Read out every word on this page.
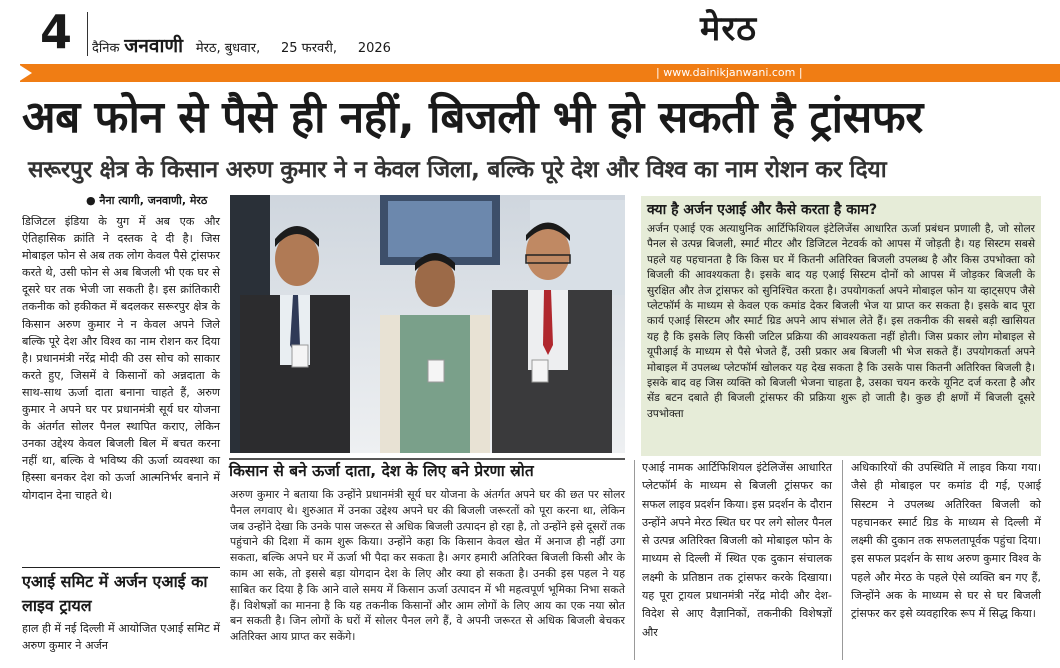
4 दैनिक जनवाणी मेरठ, बुधवार, 25 फरवरी, 2026	मेरठ
| www.dainikjanwani.com |
अब फोन से पैसे ही नहीं, बिजली भी हो सकती है ट्रांसफर
सरूरपुर क्षेत्र के किसान अरुण कुमार ने न केवल जिला, बल्कि पूरे देश और विश्व का नाम रोशन कर दिया
● नैना त्यागी, जनवाणी, मेरठ
डिजिटल इंडिया के युग में अब एक और ऐतिहासिक क्रांति ने दस्तक दे दी है। जिस मोबाइल फोन से अब तक लोग केवल पैसे ट्रांसफर करते थे, उसी फोन से अब बिजली भी एक घर से दूसरे घर तक भेजी जा सकती है। इस क्रांतिकारी तकनीक को हकीकत में बदलकर सरूरपुर क्षेत्र के किसान अरुण कुमार ने न केवल अपने जिले बल्कि पूरे देश और विश्व का नाम रोशन कर दिया है। प्रधानमंत्री नरेंद्र मोदी की उस सोच को साकार करते हुए, जिसमें वे किसानों को अन्नदाता के साथ-साथ ऊर्जा दाता बनाना चाहते हैं, अरुण कुमार ने अपने घर पर प्रधानमंत्री सूर्य घर योजना के अंतर्गत सोलर पैनल स्थापित कराए, लेकिन उनका उद्देश्य केवल बिजली बिल में बचत करना नहीं था, बल्कि वे भविष्य की ऊर्जा व्यवस्था का हिस्सा बनकर देश को ऊर्जा आत्मनिर्भर बनाने में योगदान देना चाहते थे।
एआई समिट में अर्जन एआई का लाइव ट्रायल
हाल ही में नई दिल्ली में आयोजित एआई समिट में अरुण कुमार ने अर्जन
क्या है अर्जन एआई और कैसे करता है काम?
अर्जन एआई एक अत्याधुनिक आर्टिफिशियल इंटेलिजेंस आधारित ऊर्जा प्रबंधन प्रणाली है, जो सोलर पैनल से उत्पन्न बिजली, स्मार्ट मीटर और डिजिटल नेटवर्क को आपस में जोड़ती है। यह सिस्टम सबसे पहले यह पहचानता है कि किस घर में कितनी अतिरिक्त बिजली उपलब्ध है और किस उपभोक्ता को बिजली की आवश्यकता है। इसके बाद यह एआई सिस्टम दोनों को आपस में जोड़कर बिजली के सुरक्षित और तेज ट्रांसफर को सुनिश्चित करता है। उपयोगकर्ता अपने मोबाइल फोन या व्हाट्सएप जैसे प्लेटफॉर्म के माध्यम से केवल एक कमांड देकर बिजली भेज या प्राप्त कर सकता है। इसके बाद पूरा कार्य एआई सिस्टम और स्मार्ट ग्रिड अपने आप संभाल लेते हैं। इस तकनीक की सबसे बड़ी खासियत यह है कि इसके लिए किसी जटिल प्रक्रिया की आवश्यकता नहीं होती। जिस प्रकार लोग मोबाइल से यूपीआई के माध्यम से पैसे भेजते हैं, उसी प्रकार अब बिजली भी भेज सकते हैं। उपयोगकर्ता अपने मोबाइल में उपलब्ध प्लेटफॉर्म खोलकर यह देख सकता है कि उसके पास कितनी अतिरिक्त बिजली है। इसके बाद वह जिस व्यक्ति को बिजली भेजना चाहता है, उसका चयन करके यूनिट दर्ज करता है और सेंड बटन दबाते ही बिजली ट्रांसफर की प्रक्रिया शुरू हो जाती है। कुछ ही क्षणों में बिजली दूसरे उपभोक्ता
किसान से बने ऊर्जा दाता, देश के लिए बने प्रेरणा स्रोत
अरुण कुमार ने बताया कि उन्होंने प्रधानमंत्री सूर्य घर योजना के अंतर्गत अपने घर की छत पर सोलर पैनल लगवाए थे। शुरुआत में उनका उद्देश्य अपने घर की बिजली जरूरतों को पूरा करना था, लेकिन जब उन्होंने देखा कि उनके पास जरूरत से अधिक बिजली उत्पादन हो रहा है, तो उन्होंने इसे दूसरों तक पहुंचाने की दिशा में काम शुरू किया। उन्होंने कहा कि किसान केवल खेत में अनाज ही नहीं उगा सकता, बल्कि अपने घर में ऊर्जा भी पैदा कर सकता है। अगर हमारी अतिरिक्त बिजली किसी और के काम आ सके, तो इससे बड़ा योगदान देश के लिए और क्या हो सकता है। उनकी इस पहल ने यह साबित कर दिया है कि आने वाले समय में किसान ऊर्जा उत्पादन में भी महत्वपूर्ण भूमिका निभा सकते हैं। विशेषज्ञों का मानना है कि यह तकनीक किसानों और आम लोगों के लिए आय का एक नया स्रोत बन सकती है। जिन लोगों के घरों में सोलर पैनल लगे हैं, वे अपनी जरूरत से अधिक बिजली बेचकर अतिरिक्त आय प्राप्त कर सकेंगे।
एआई नामक आर्टिफिशियल इंटेलिजेंस आधारित प्लेटफॉर्म के माध्यम से बिजली ट्रांसफर का सफल लाइव प्रदर्शन किया। इस प्रदर्शन के दौरान उन्होंने अपने मेरठ स्थित घर पर लगे सोलर पैनल से उत्पन्न अतिरिक्त बिजली को मोबाइल फोन के माध्यम से दिल्ली में स्थित एक दुकान संचालक लक्ष्मी के प्रतिष्ठान तक ट्रांसफर करके दिखाया। यह पूरा ट्रायल प्रधानमंत्री नरेंद्र मोदी और देश-विदेश से आए वैज्ञानिकों, तकनीकी विशेषज्ञों और
अधिकारियों की उपस्थिति में लाइव किया गया। जैसे ही मोबाइल पर कमांड दी गई, एआई सिस्टम ने उपलब्ध अतिरिक्त बिजली को पहचानकर स्मार्ट ग्रिड के माध्यम से दिल्ली में लक्ष्मी की दुकान तक सफलतापूर्वक पहुंचा दिया। इस सफल प्रदर्शन के साथ अरुण कुमार विश्व के पहले और मेरठ के पहले ऐसे व्यक्ति बन गए हैं, जिन्होंने अक के माध्यम से घर से घर बिजली ट्रांसफर कर इसे व्यवहारिक रूप में सिद्ध किया।
